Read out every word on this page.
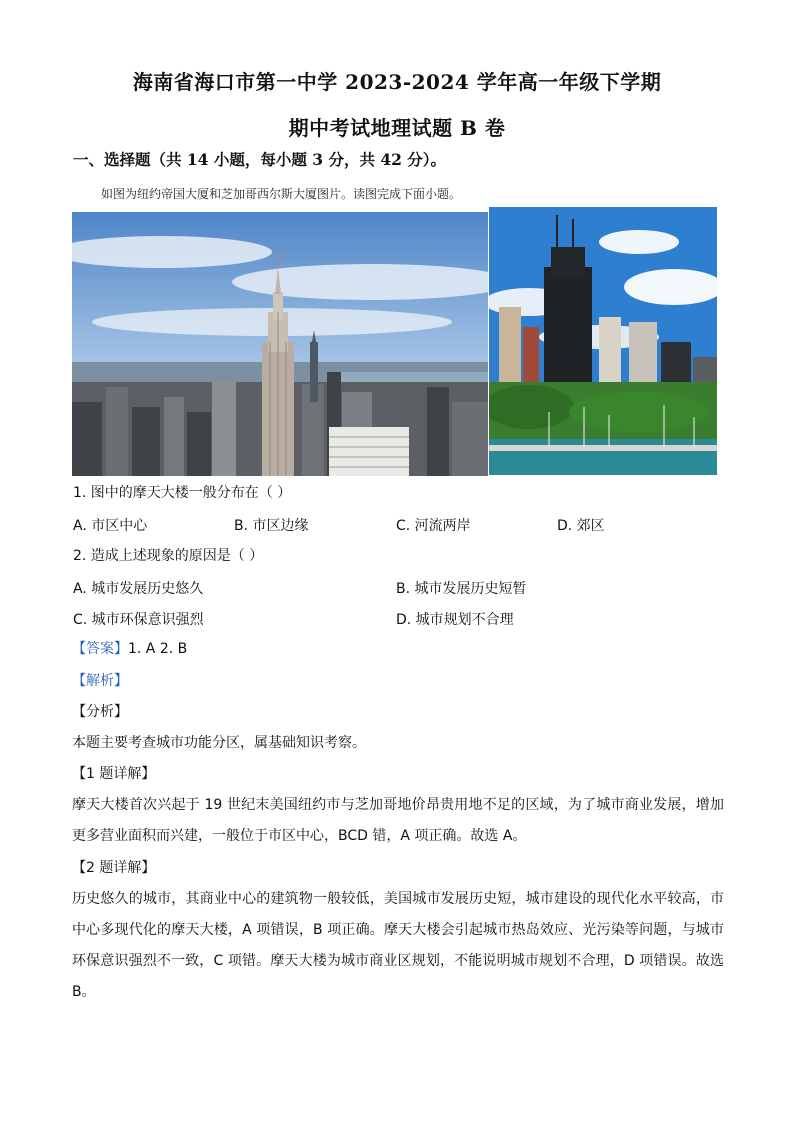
海南省海口市第一中学 2023-2024 学年高一年级下学期
期中考试地理试题 B 卷
一、选择题（共 14 小题，每小题 3 分，共 42 分）。
如图为纽约帝国大厦和芝加哥西尔斯大厦图片。读图完成下面小题。
1. 图中的摩天大楼一般分布在（ ）
A. 市区中心	B. 市区边缘	C. 河流两岸	D. 郊区
2. 造成上述现象的原因是（ ）
A. 城市发展历史悠久	B. 城市发展历史短暂
C. 城市环保意识强烈	D. 城市规划不合理
【答案】1. A 2. B
【解析】
【分析】
本题主要考查城市功能分区，属基础知识考察。
【1 题详解】
摩天大楼首次兴起于 19 世纪末美国纽约市与芝加哥地价昂贵用地不足的区域，为了城市商业发展，增加更多营业面积而兴建，一般位于市区中心，BCD 错，A 项正确。故选 A。
【2 题详解】
历史悠久的城市，其商业中心的建筑物一般较低，美国城市发展历史短，城市建设的现代化水平较高，市中心多现代化的摩天大楼，A 项错误，B 项正确。摩天大楼会引起城市热岛效应、光污染等问题，与城市环保意识强烈不一致，C 项错。摩天大楼为城市商业区规划，不能说明城市规划不合理，D 项错误。故选 B。
